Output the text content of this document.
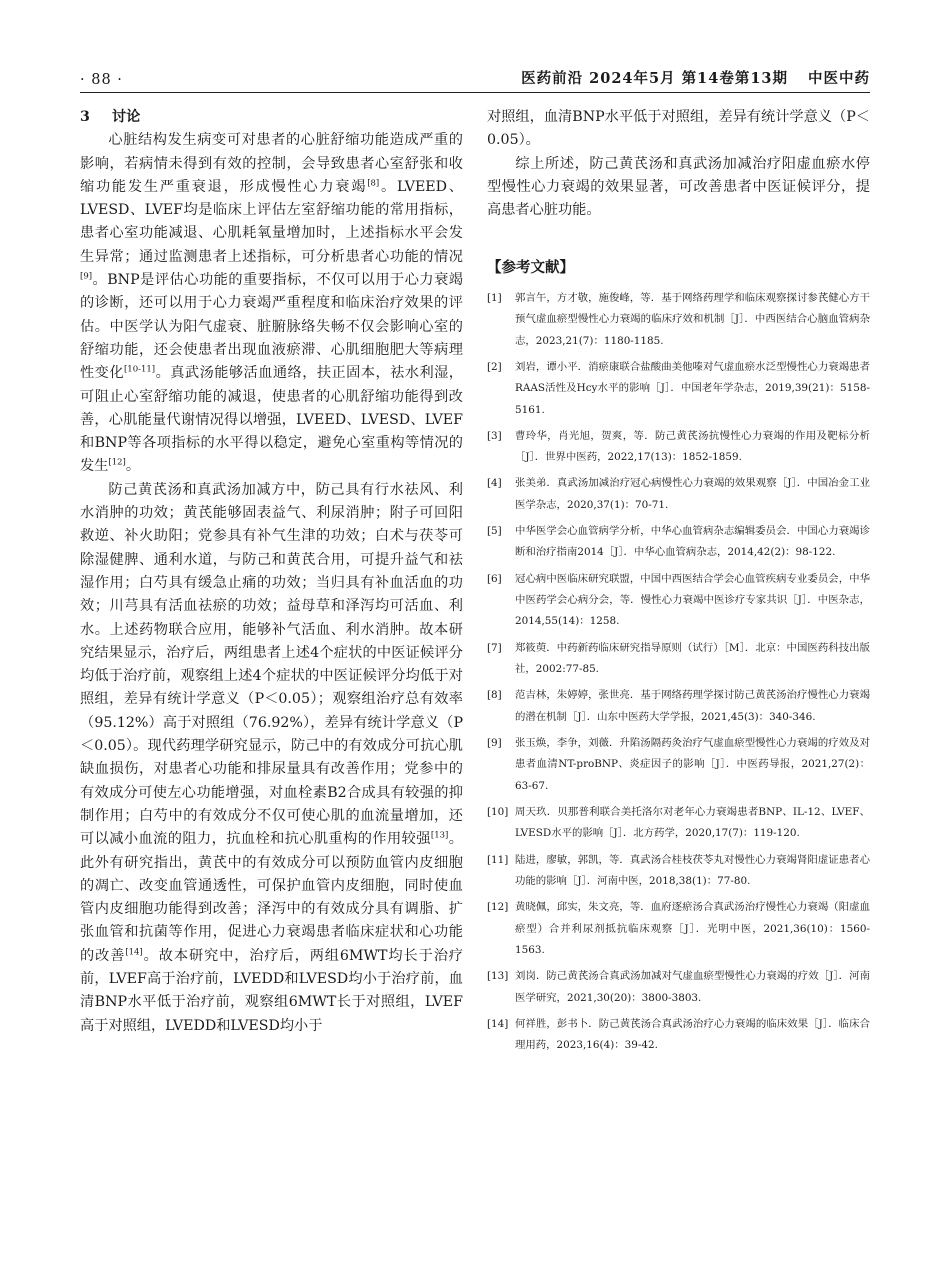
· 88 ·	医药前沿 2024年5月 第14卷第13期 中医中药

3 讨论

心脏结构发生病变可对患者的心脏舒缩功能造成严重的影响，若病情未得到有效的控制，会导致患者心室舒张和收缩功能发生严重衰退，形成慢性心力衰竭[8]。LVEED、LVESD、LVEF均是临床上评估左室舒缩功能的常用指标，患者心室功能减退、心肌耗氧量增加时，上述指标水平会发生异常；通过监测患者上述指标，可分析患者心功能的情况[9]。BNP是评估心功能的重要指标，不仅可以用于心力衰竭的诊断，还可以用于心力衰竭严重程度和临床治疗效果的评估。中医学认为阳气虚衰、脏腑脉络失畅不仅会影响心室的舒缩功能，还会使患者出现血液瘀滞、心肌细胞肥大等病理性变化[10-11]。真武汤能够活血通络，扶正固本，祛水利湿，可阻止心室舒缩功能的减退，使患者的心肌舒缩功能得到改善，心肌能量代谢情况得以增强，LVEED、LVESD、LVEF和BNP等各项指标的水平得以稳定，避免心室重构等情况的发生[12]。

防己黄芪汤和真武汤加减方中，防己具有行水祛风、利水消肿的功效；黄芪能够固表益气、利尿消肿；附子可回阳救逆、补火助阳；党参具有补气生津的功效；白术与茯苓可除湿健脾、通利水道，与防己和黄芪合用，可提升益气和祛湿作用；白芍具有缓急止痛的功效；当归具有补血活血的功效；川芎具有活血祛瘀的功效；益母草和泽泻均可活血、利水。上述药物联合应用，能够补气活血、利水消肿。故本研究结果显示，治疗后，两组患者上述4个症状的中医证候评分均低于治疗前，观察组上述4个症状的中医证候评分均低于对照组，差异有统计学意义（P＜0.05）；观察组治疗总有效率（95.12%）高于对照组（76.92%），差异有统计学意义（P＜0.05）。现代药理学研究显示，防己中的有效成分可抗心肌缺血损伤，对患者心功能和排尿量具有改善作用；党参中的有效成分可使左心功能增强，对血栓素B2合成具有较强的抑制作用；白芍中的有效成分不仅可使心肌的血流量增加，还可以减小血流的阻力，抗血栓和抗心肌重构的作用较强[13]。此外有研究指出，黄芪中的有效成分可以预防血管内皮细胞的凋亡、改变血管通透性，可保护血管内皮细胞，同时使血管内皮细胞功能得到改善；泽泻中的有效成分具有调脂、扩张血管和抗菌等作用，促进心力衰竭患者临床症状和心功能的改善[14]。故本研究中，治疗后，两组6MWT均长于治疗前，LVEF高于治疗前，LVEDD和LVESD均小于治疗前，血清BNP水平低于治疗前，观察组6MWT长于对照组，LVEF高于对照组，LVEDD和LVESD均小于

对照组，血清BNP水平低于对照组，差异有统计学意义（P＜0.05）。

综上所述，防己黄芪汤和真武汤加减治疗阳虚血瘀水停型慢性心力衰竭的效果显著，可改善患者中医证候评分，提高患者心脏功能。

【参考文献】
[1]	郭言午，方才敬，施俊峰，等．基于网络药理学和临床观察探讨参芪健心方干预气虚血瘀型慢性心力衰竭的临床疗效和机制［J］．中西医结合心脑血管病杂志，2023,21(7)：1180-1185.
[2]	刘岩，谭小平．消瘀康联合盐酸曲美他嗪对气虚血瘀水泛型慢性心力衰竭患者RAAS活性及Hcy水平的影响［J］．中国老年学杂志，2019,39(21)：5158-5161.
[3]	曹玲华，肖光旭，贺爽，等．防己黄芪汤抗慢性心力衰竭的作用及靶标分析［J］．世界中医药，2022,17(13)：1852-1859.
[4]	张美弟．真武汤加减治疗冠心病慢性心力衰竭的效果观察［J］．中国冶金工业医学杂志，2020,37(1)：70-71.
[5]	中华医学会心血管病学分析，中华心血管病杂志编辑委员会．中国心力衰竭诊断和治疗指南2014［J］．中华心血管病杂志，2014,42(2)：98-122.
[6]	冠心病中医临床研究联盟，中国中西医结合学会心血管疾病专业委员会，中华中医药学会心病分会，等．慢性心力衰竭中医诊疗专家共识［J］．中医杂志，2014,55(14)：1258.
[7]	郑筱萸．中药新药临床研究指导原则（试行）［M］．北京：中国医药科技出版社，2002:77-85.
[8]	范吉林，朱婷婷，张世亮．基于网络药理学探讨防己黄芪汤治疗慢性心力衰竭的潜在机制［J］．山东中医药大学学报，2021,45(3)：340-346.
[9]	张玉焕，李争，刘薇．升陷汤隔药灸治疗气虚血瘀型慢性心力衰竭的疗效及对患者血清NT-proBNP、炎症因子的影响［J］．中医药导报，2021,27(2)：63-67.
[10] 周天玖．贝那普利联合美托洛尔对老年心力衰竭患者BNP、IL-12、LVEF、LVESD水平的影响［J］．北方药学，2020,17(7)：119-120.
[11] 陆进，廖敏，郭凯，等．真武汤合桂枝茯苓丸对慢性心力衰竭肾阳虚证患者心功能的影响［J］．河南中医，2018,38(1)：77-80.
[12] 黄晓佩，邱实，朱文亮，等．血府逐瘀汤合真武汤治疗慢性心力衰竭（阳虚血瘀型）合并利尿剂抵抗临床观察［J］．光明中医，2021,36(10)：1560-1563.
[13] 刘岗．防己黄芪汤合真武汤加减对气虚血瘀型慢性心力衰竭的疗效［J］．河南医学研究，2021,30(20)：3800-3803.
[14] 何祥胜，彭书卜．防己黄芪汤合真武汤治疗心力衰竭的临床效果［J］．临床合理用药，2023,16(4)：39-42.
